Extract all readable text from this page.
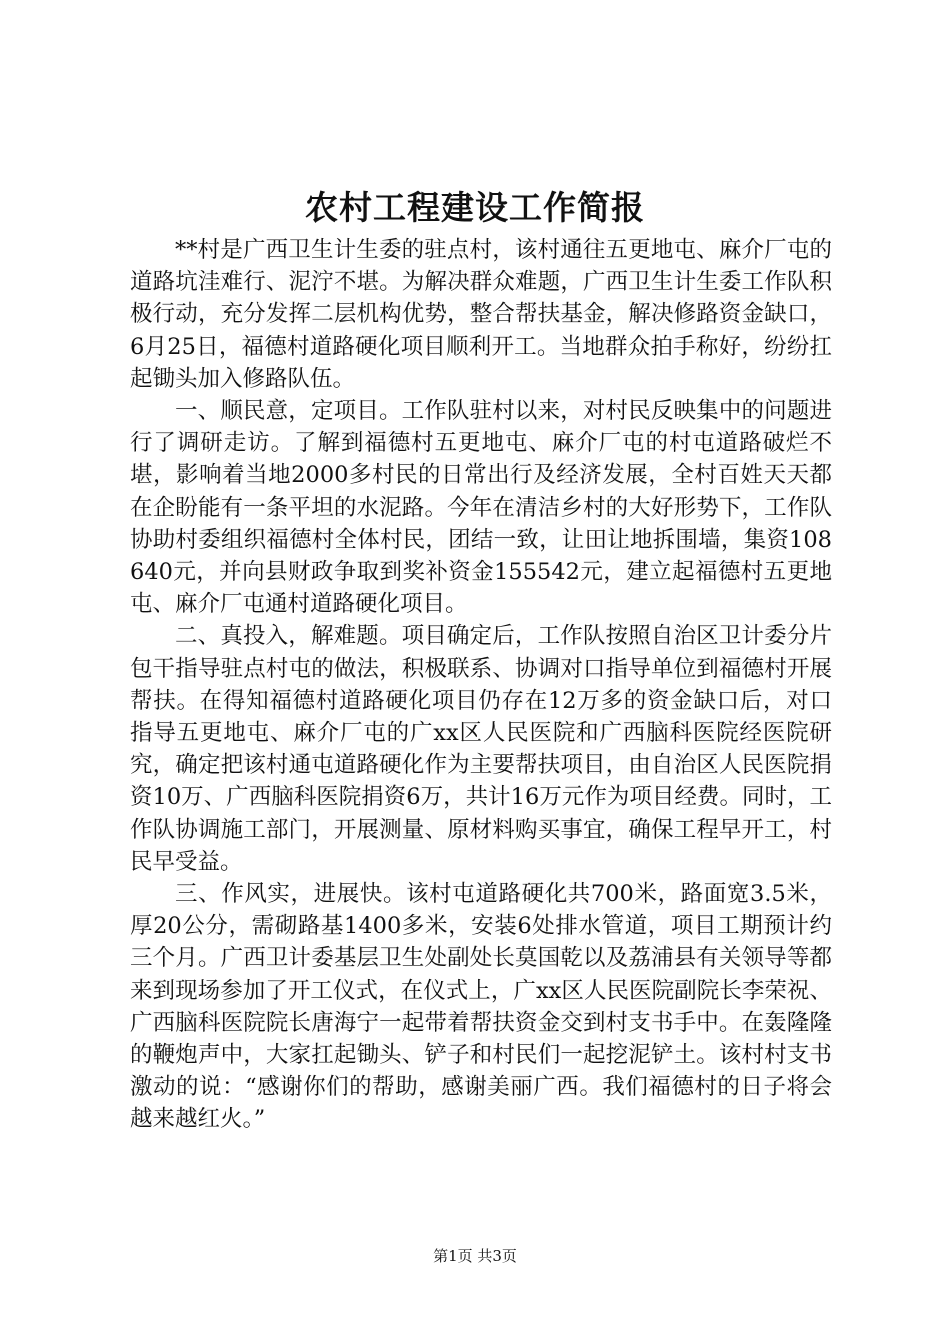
农村工程建设工作简报

**村是广西卫生计生委的驻点村，该村通往五更地屯、麻介厂屯的道路坑洼难行、泥泞不堪。为解决群众难题，广西卫生计生委工作队积极行动，充分发挥二层机构优势，整合帮扶基金，解决修路资金缺口，6月25日，福德村道路硬化项目顺利开工。当地群众拍手称好，纷纷扛起锄头加入修路队伍。

一、顺民意，定项目。工作队驻村以来，对村民反映集中的问题进行了调研走访。了解到福德村五更地屯、麻介厂屯的村屯道路破烂不堪，影响着当地2000多村民的日常出行及经济发展，全村百姓天天都在企盼能有一条平坦的水泥路。今年在清洁乡村的大好形势下，工作队协助村委组织福德村全体村民，团结一致，让田让地拆围墙，集资108640元，并向县财政争取到奖补资金155542元，建立起福德村五更地屯、麻介厂屯通村道路硬化项目。

二、真投入，解难题。项目确定后，工作队按照自治区卫计委分片包干指导驻点村屯的做法，积极联系、协调对口指导单位到福德村开展帮扶。在得知福德村道路硬化项目仍存在12万多的资金缺口后，对口指导五更地屯、麻介厂屯的广xx区人民医院和广西脑科医院经医院研究，确定把该村通屯道路硬化作为主要帮扶项目，由自治区人民医院捐资10万、广西脑科医院捐资6万，共计16万元作为项目经费。同时，工作队协调施工部门，开展测量、原材料购买事宜，确保工程早开工，村民早受益。

三、作风实，进展快。该村屯道路硬化共700米，路面宽3.5米，厚20公分，需砌路基1400多米，安装6处排水管道，项目工期预计约三个月。广西卫计委基层卫生处副处长莫国乾以及荔浦县有关领导等都来到现场参加了开工仪式，在仪式上，广xx区人民医院副院长李荣祝、广西脑科医院院长唐海宁一起带着帮扶资金交到村支书手中。在轰隆隆的鞭炮声中，大家扛起锄头、铲子和村民们一起挖泥铲土。该村村支书激动的说：“感谢你们的帮助，感谢美丽广西。我们福德村的日子将会越来越红火。”

第1页 共3页
